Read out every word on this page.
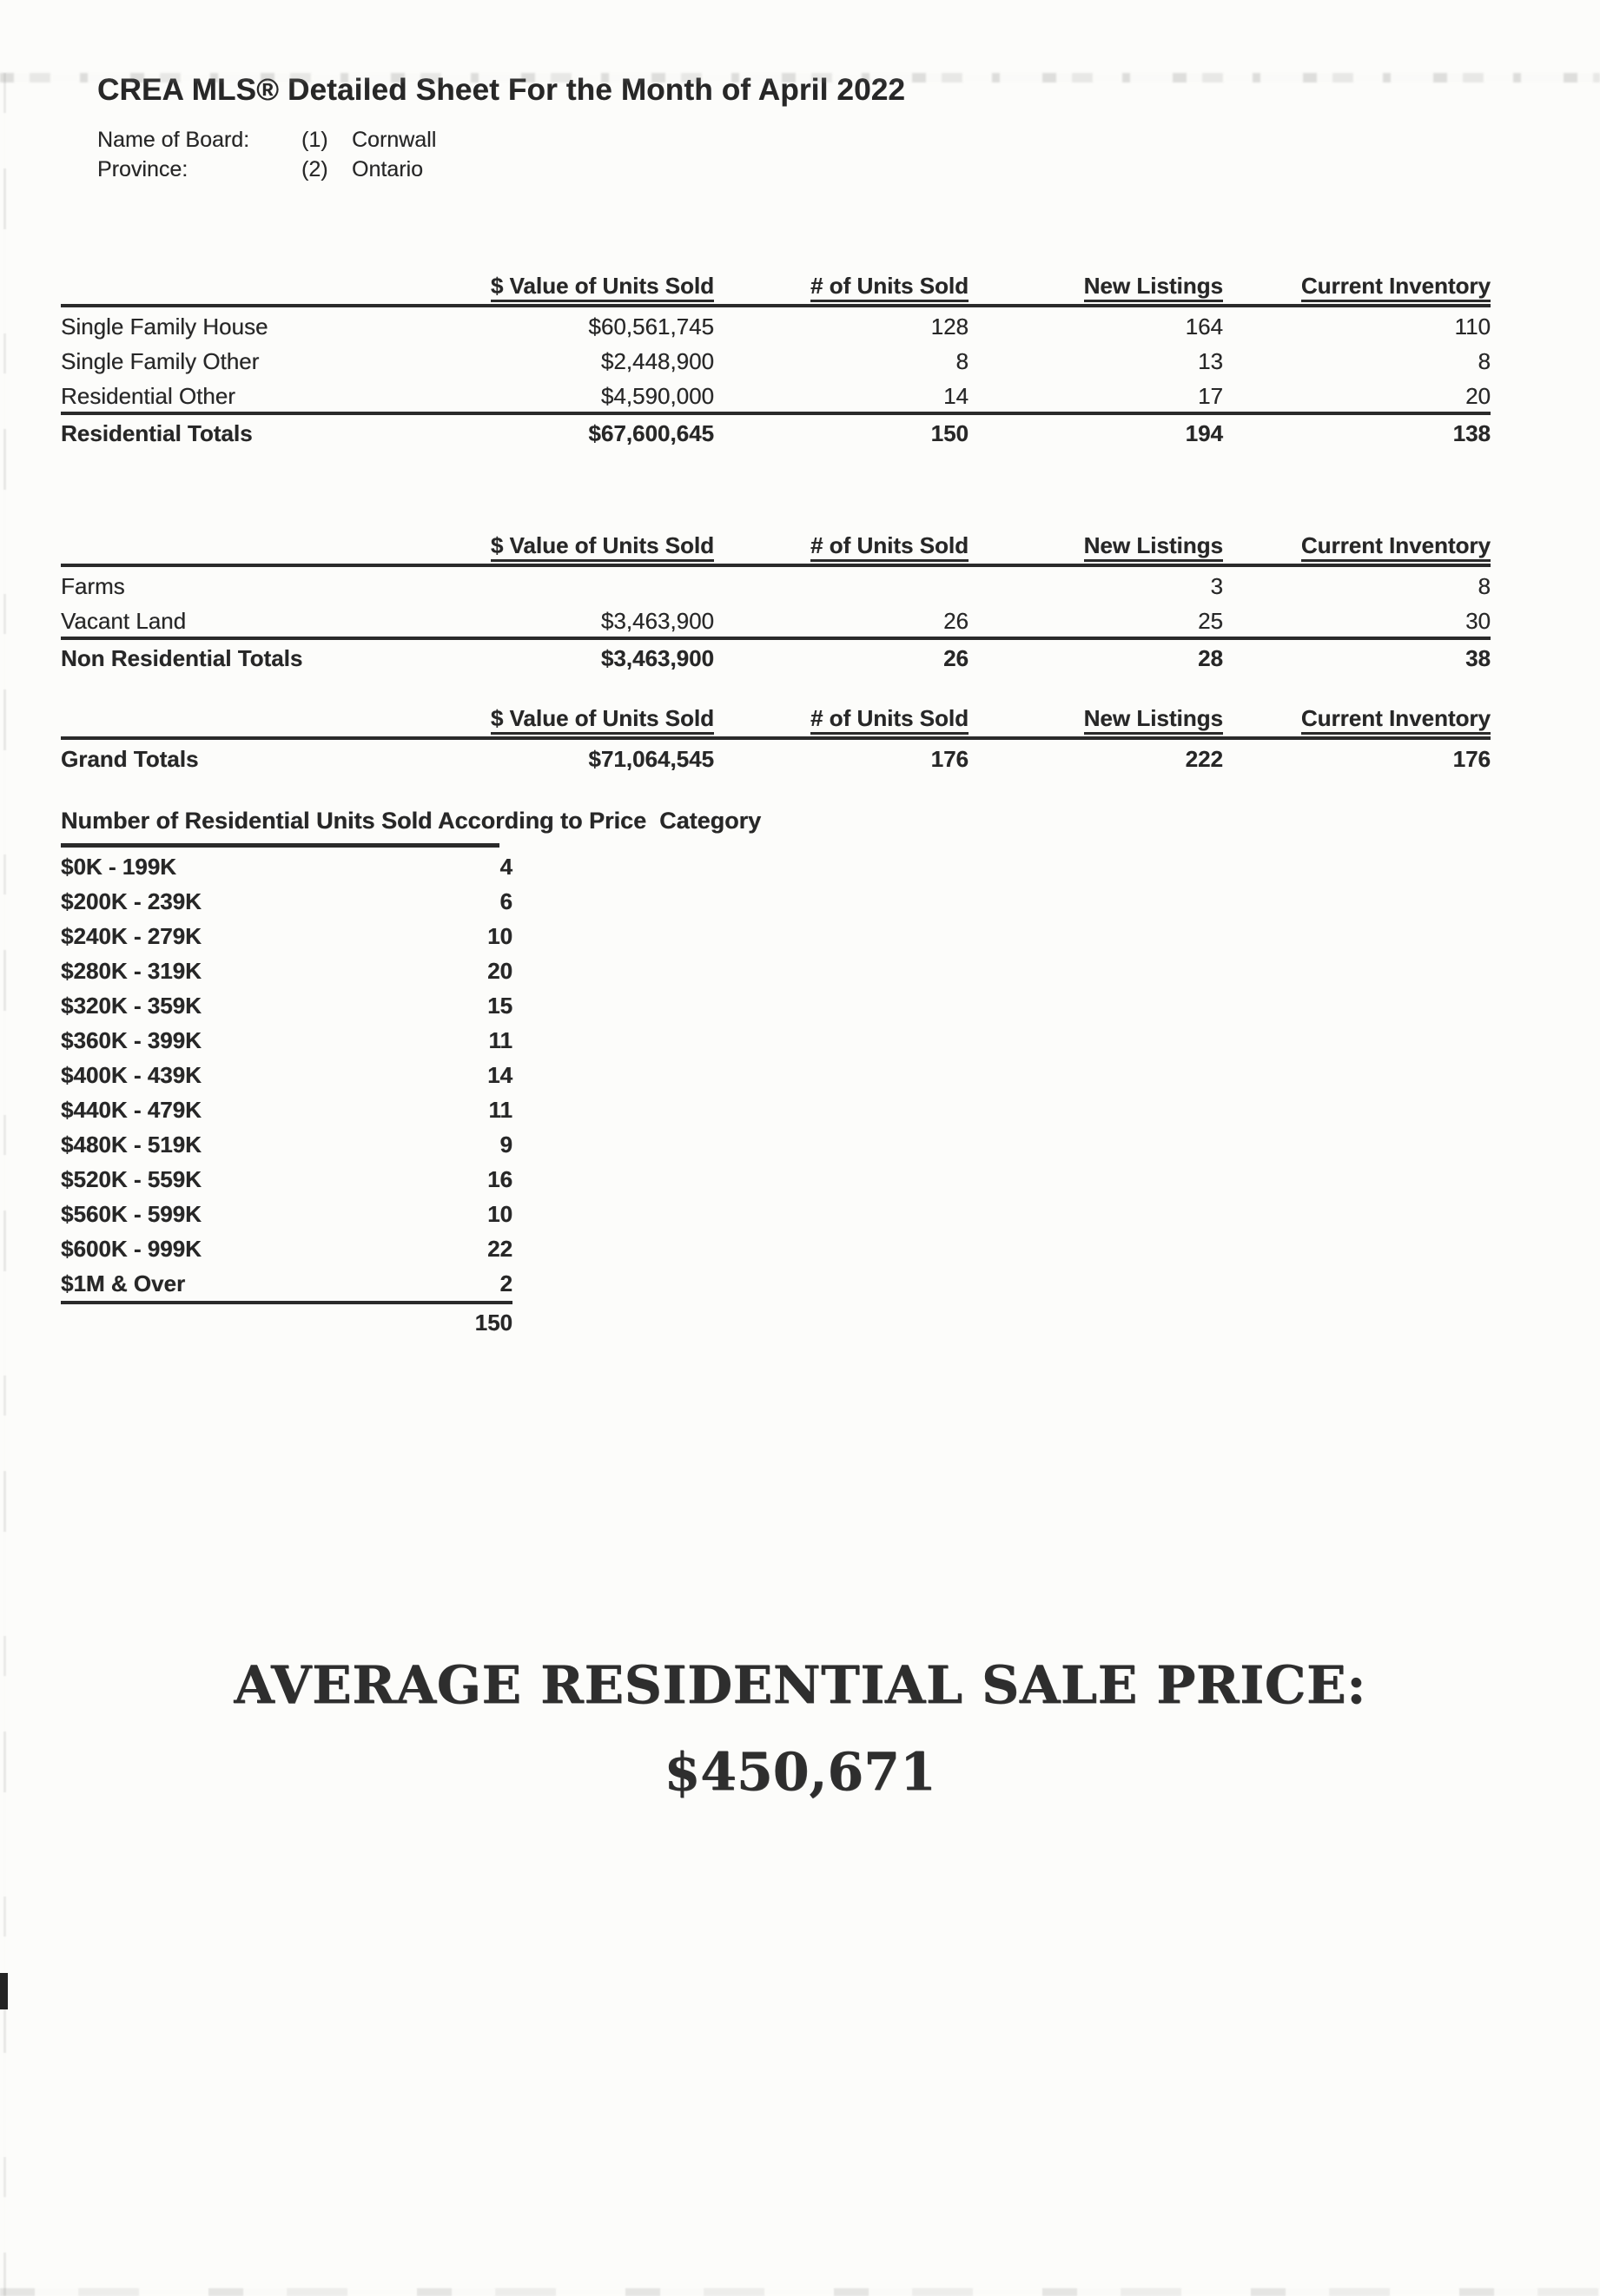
CREA MLS® Detailed Sheet For the Month of April 2022
Name of Board:	(1)	Cornwall
Province:	(2)	Ontario
	$ Value of Units Sold	# of Units Sold	New Listings	Current Inventory
Single Family House	$60,561,745	128	164	110
Single Family Other	$2,448,900	8	13	8
Residential Other	$4,590,000	14	17	20
Residential Totals	$67,600,645	150	194	138
	$ Value of Units Sold	# of Units Sold	New Listings	Current Inventory
Farms			3	8
Vacant Land	$3,463,900	26	25	30
Non Residential Totals	$3,463,900	26	28	38
	$ Value of Units Sold	# of Units Sold	New Listings	Current Inventory
Grand Totals	$71,064,545	176	222	176
Number of Residential Units Sold According to Price  Category
$0K - 199K	4
$200K - 239K	6
$240K - 279K	10
$280K - 319K	20
$320K - 359K	15
$360K - 399K	11
$400K - 439K	14
$440K - 479K	11
$480K - 519K	9
$520K - 559K	16
$560K - 599K	10
$600K - 999K	22
$1M & Over	2
	150
AVERAGE RESIDENTIAL SALE PRICE:
$450,671
